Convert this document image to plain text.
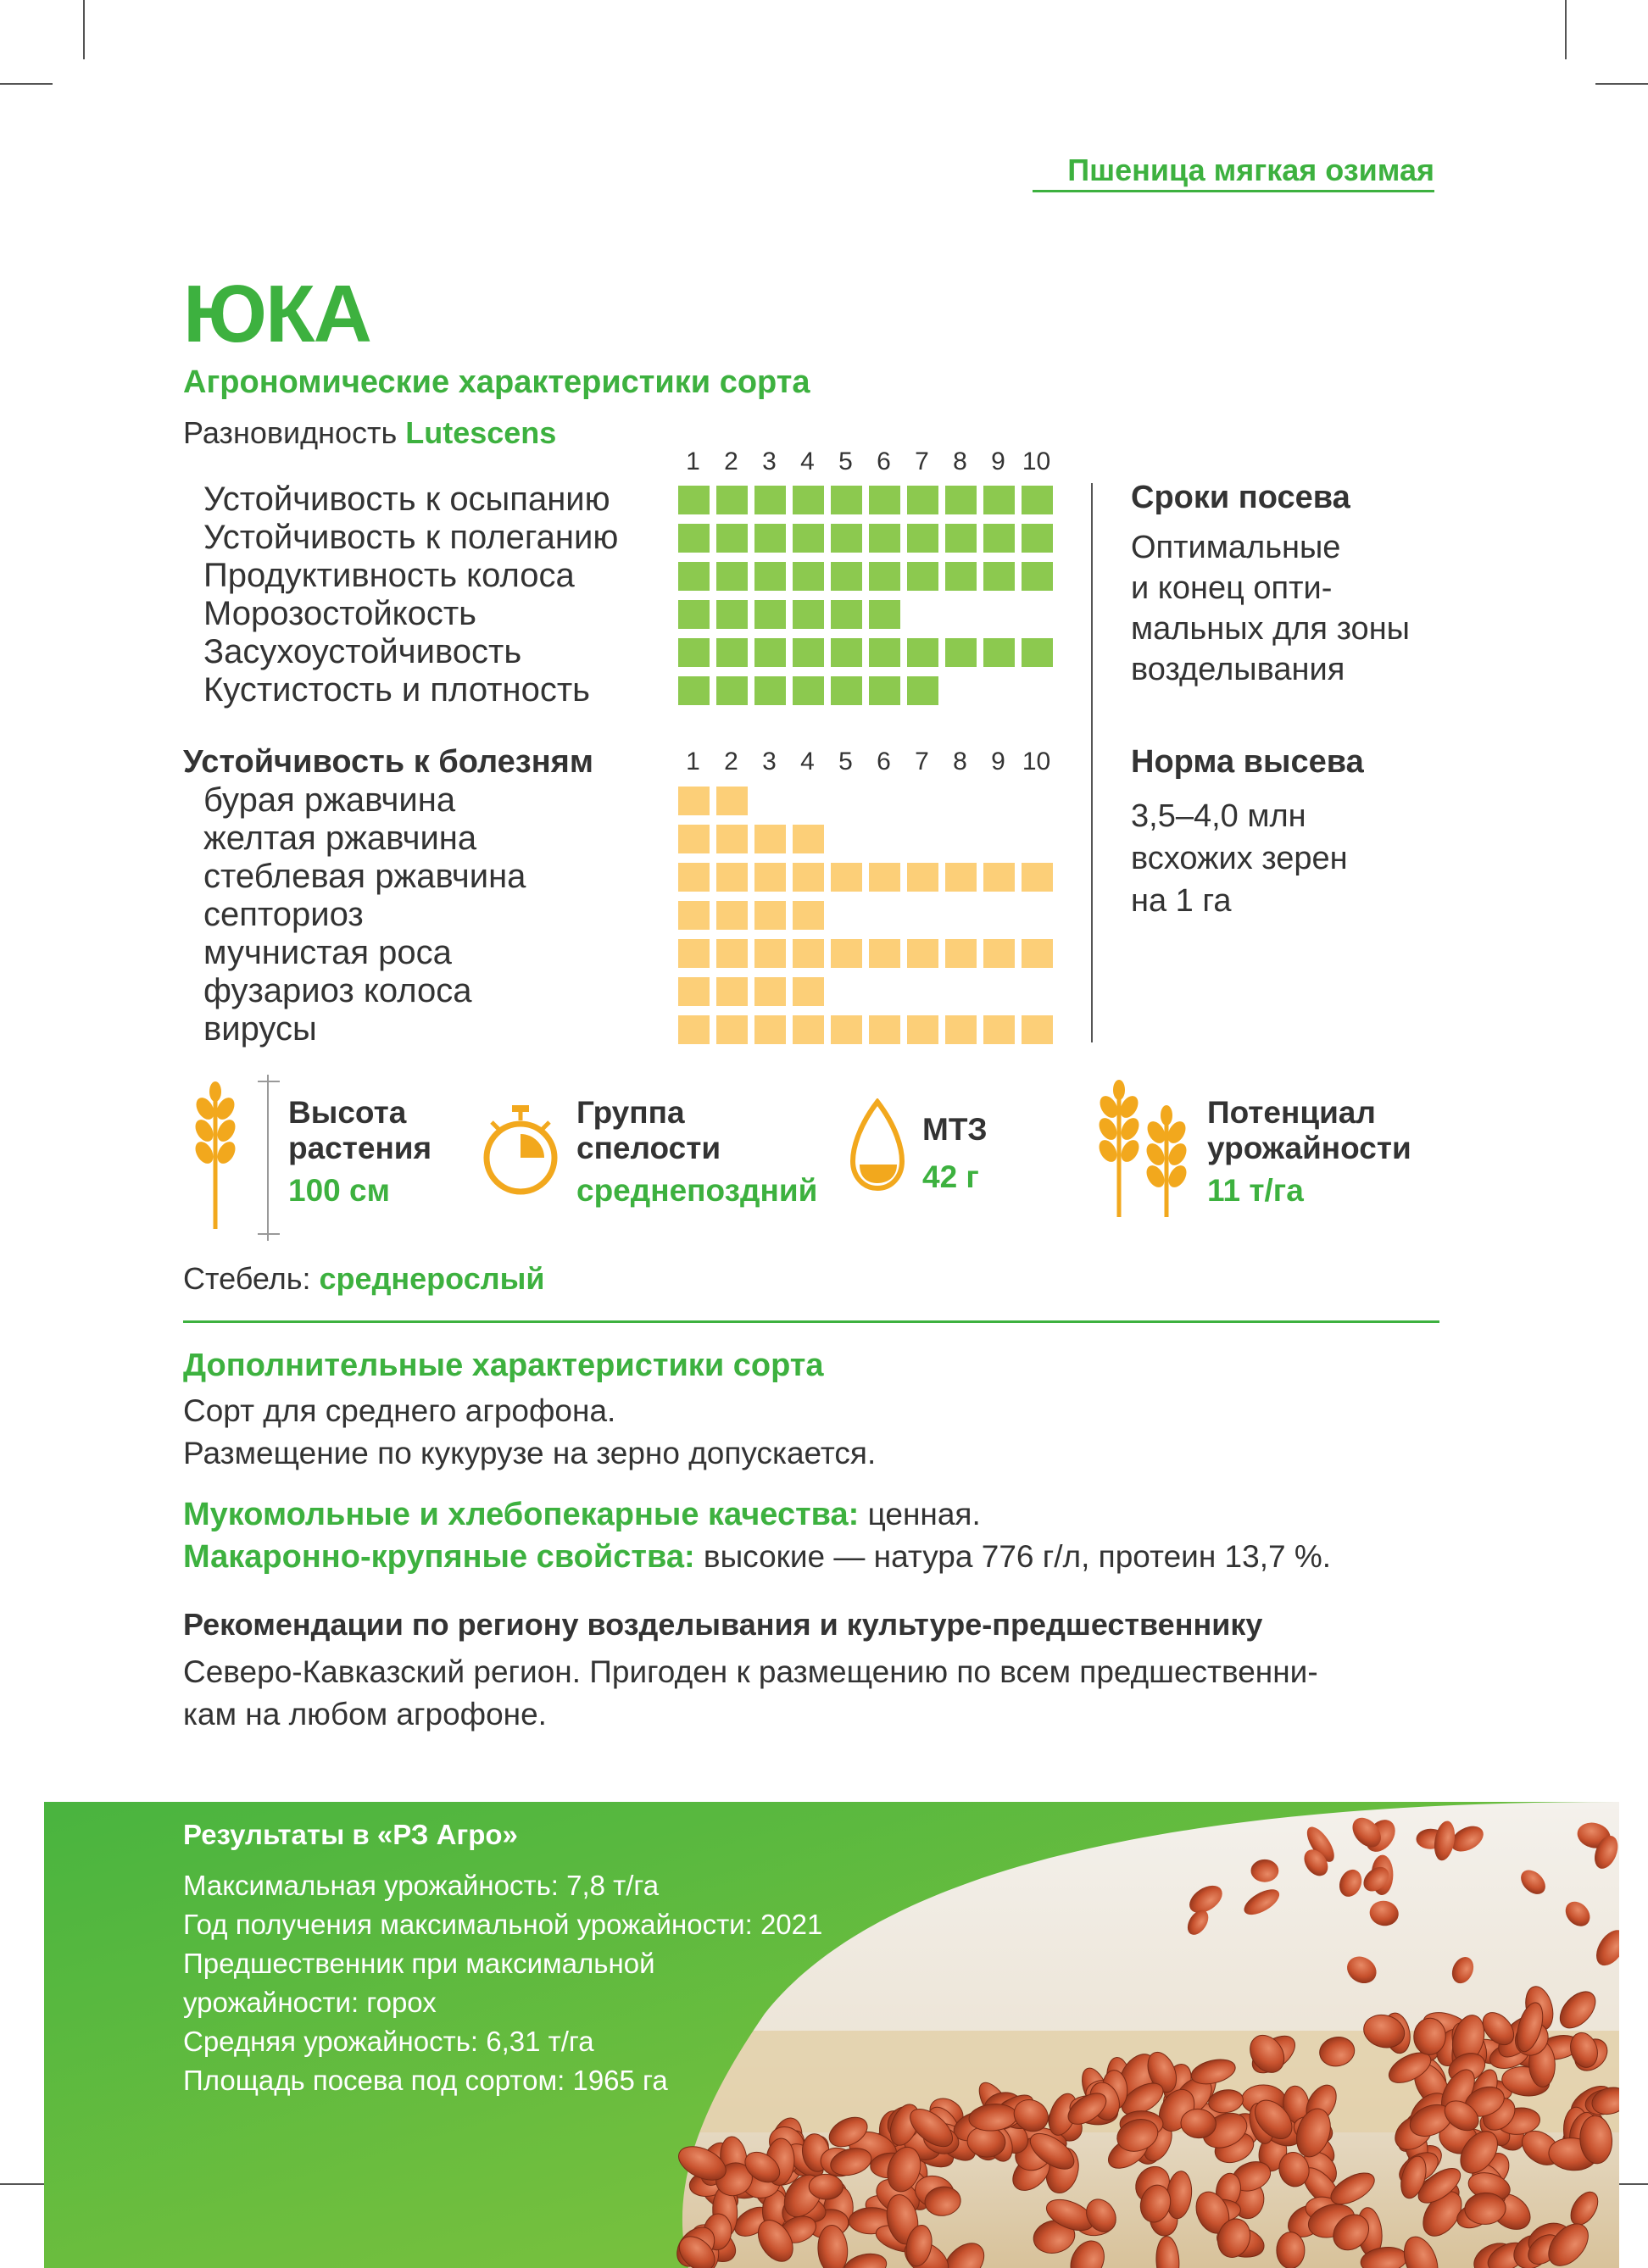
Пшеница мягкая озимая
ЮКА
Агрономические характеристики сорта
Разновидность Lutescens
1 2 3 4 5 6 7 8 9 10
Устойчивость к осыпанию
Устойчивость к полеганию
Продуктивность колоса
Морозостойкость
Засухоустойчивость
Кустистость и плотность
Устойчивость к болезням	1 2 3 4 5 6 7 8 9 10
бурая ржавчина
желтая ржавчина
стеблевая ржавчина
септориоз
мучнистая роса
фузариоз колоса
вирусы
Сроки посева
Оптимальные
и конец опти-
мальных для зоны
возделывания
Норма высева
3,5–4,0 млн
всхожих зерен
на 1 га
Высота
растения
100 см
Группа
спелости
среднепоздний
МТЗ
42 г
Потенциал
урожайности
11 т/га
Стебель: среднерослый
Дополнительные характеристики сорта
Сорт для среднего агрофона.
Размещение по кукурузе на зерно допускается.
Мукомольные и хлебопекарные качества: ценная.
Макаронно-крупяные свойства: высокие — натура 776 г/л, протеин 13,7 %.
Рекомендации по региону возделывания и культуре-предшественнику
Северо-Кавказский регион. Пригоден к размещению по всем предшественни-
кам на любом агрофоне.
Результаты в «РЗ Агро»
Максимальная урожайность: 7,8 т/га
Год получения максимальной урожайности: 2021
Предшественник при максимальной
урожайности: горох
Средняя урожайность: 6,31 т/га
Площадь посева под сортом: 1965 га
